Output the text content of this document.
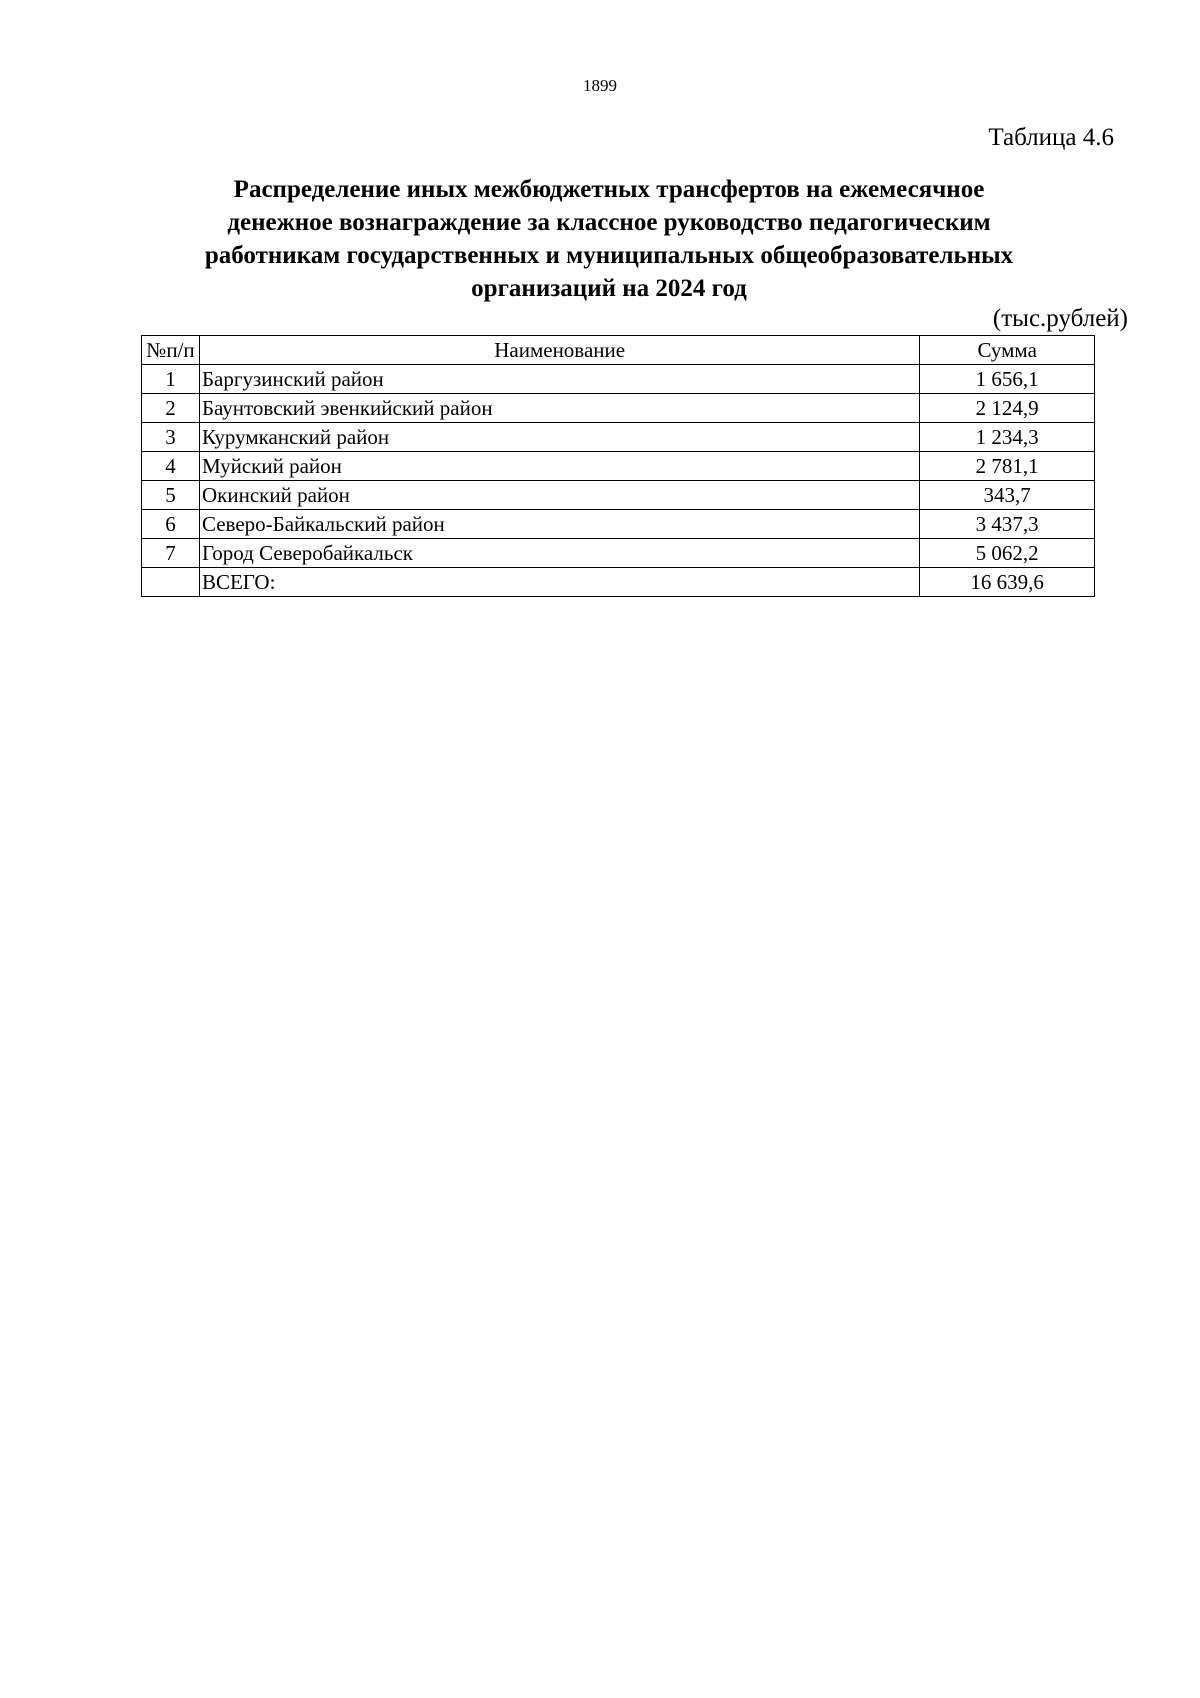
1899
Таблица 4.6
Распределение иных межбюджетных трансфертов на ежемесячное
денежное вознаграждение за классное руководство педагогическим
работникам государственных и муниципальных общеобразовательных
организаций на 2024 год
(тыс.рублей)
№п/п	Наименование	Сумма
1	Баргузинский район	1 656,1
2	Баунтовский эвенкийский район	2 124,9
3	Курумканский район	1 234,3
4	Муйский район	2 781,1
5	Окинский район	343,7
6	Северо-Байкальский район	3 437,3
7	Город Северобайкальск	5 062,2
	ВСЕГО:	16 639,6
